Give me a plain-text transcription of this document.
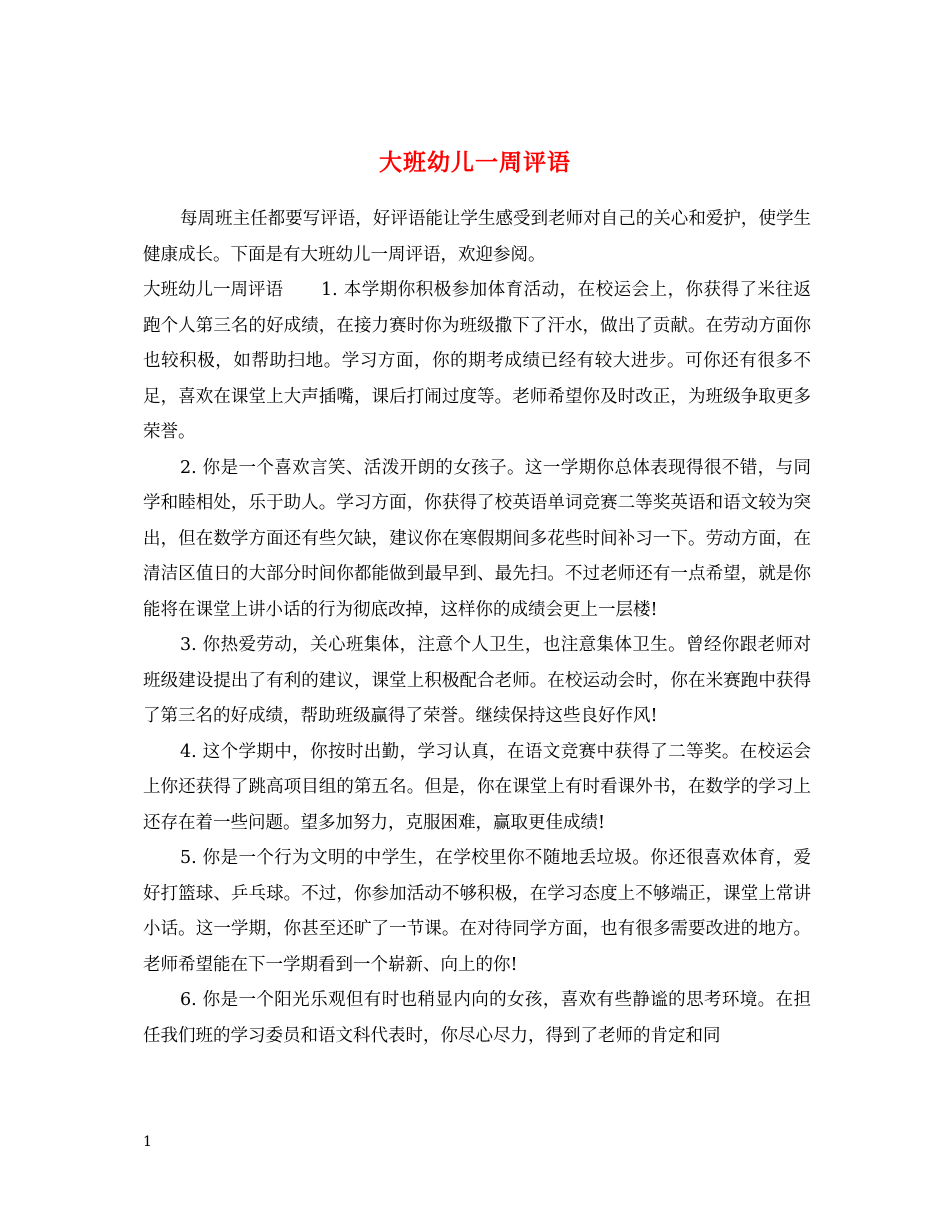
大班幼儿一周评语

每周班主任都要写评语，好评语能让学生感受到老师对自己的关心和爱护，使学生健康成长。下面是有大班幼儿一周评语，欢迎参阅。

大班幼儿一周评语 1. 本学期你积极参加体育活动，在校运会上，你获得了米往返跑个人第三名的好成绩，在接力赛时你为班级撒下了汗水，做出了贡献。在劳动方面你也较积极，如帮助扫地。学习方面，你的期考成绩已经有较大进步。可你还有很多不足，喜欢在课堂上大声插嘴，课后打闹过度等。老师希望你及时改正，为班级争取更多荣誉。

2. 你是一个喜欢言笑、活泼开朗的女孩子。这一学期你总体表现得很不错，与同学和睦相处，乐于助人。学习方面，你获得了校英语单词竞赛二等奖英语和语文较为突出，但在数学方面还有些欠缺，建议你在寒假期间多花些时间补习一下。劳动方面，在清洁区值日的大部分时间你都能做到最早到、最先扫。不过老师还有一点希望，就是你能将在课堂上讲小话的行为彻底改掉，这样你的成绩会更上一层楼!

3. 你热爱劳动，关心班集体，注意个人卫生，也注意集体卫生。曾经你跟老师对班级建设提出了有利的建议，课堂上积极配合老师。在校运动会时，你在米赛跑中获得了第三名的好成绩，帮助班级赢得了荣誉。继续保持这些良好作风!

4. 这个学期中，你按时出勤，学习认真，在语文竞赛中获得了二等奖。在校运会上你还获得了跳高项目组的第五名。但是，你在课堂上有时看课外书，在数学的学习上还存在着一些问题。望多加努力，克服困难，赢取更佳成绩!

5. 你是一个行为文明的中学生，在学校里你不随地丢垃圾。你还很喜欢体育，爱好打篮球、乒乓球。不过，你参加活动不够积极，在学习态度上不够端正，课堂上常讲小话。这一学期，你甚至还旷了一节课。在对待同学方面，也有很多需要改进的地方。老师希望能在下一学期看到一个崭新、向上的你!

6. 你是一个阳光乐观但有时也稍显内向的女孩，喜欢有些静谧的思考环境。在担任我们班的学习委员和语文科代表时，你尽心尽力，得到了老师的肯定和同

1
